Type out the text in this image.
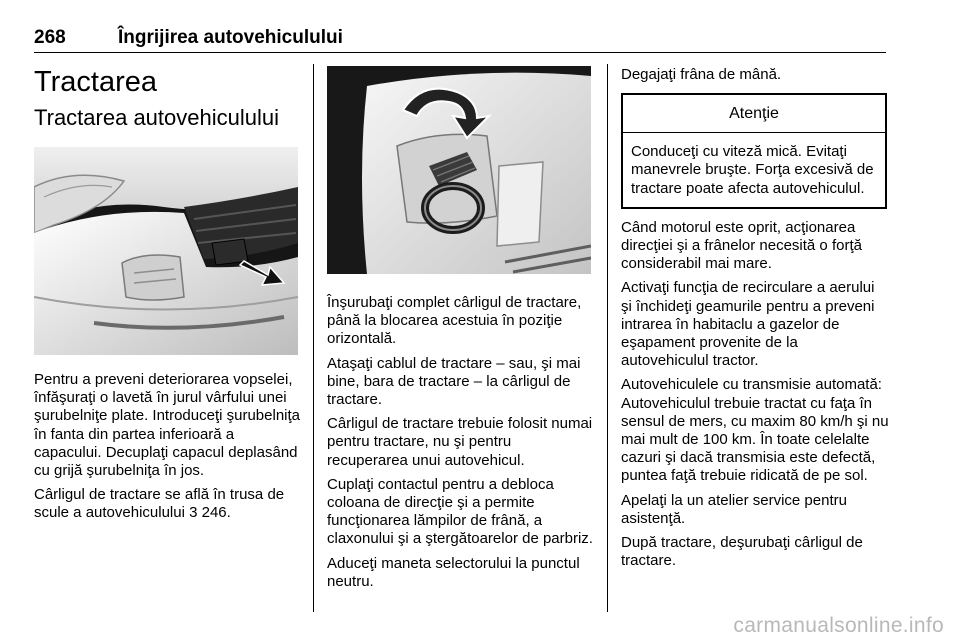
268	Îngrijirea autovehiculului
Tractarea
Tractarea autovehiculului

Pentru a preveni deteriorarea vopselei, înfăşuraţi o lavetă în jurul vârfului unei şurubelniţe plate. Introduceţi şurubelniţa în fanta din partea inferioară a capacului. Decuplaţi capacul deplasând cu grijă şurubelniţa în jos.

Cârligul de tractare se află în trusa de scule a autovehiculului 3 246.

Înşurubaţi complet cârligul de tractare, până la blocarea acestuia în poziţie orizontală.

Ataşaţi cablul de tractare – sau, şi mai bine, bara de tractare – la cârligul de tractare.

Cârligul de tractare trebuie folosit numai pentru tractare, nu şi pentru recuperarea unui autovehicul.

Cuplaţi contactul pentru a debloca coloana de direcţie şi a permite funcţionarea lămpilor de frână, a claxonului şi a ştergătoarelor de parbriz.

Aduceţi maneta selectorului la punctul neutru.

Degajaţi frâna de mână.

Atenţie
Conduceţi cu viteză mică. Evitaţi manevrele bruşte. Forţa excesivă de tractare poate afecta autovehiculul.

Când motorul este oprit, acţionarea direcţiei şi a frânelor necesită o forţă considerabil mai mare.

Activaţi funcţia de recirculare a aerului şi închideţi geamurile pentru a preveni intrarea în habitaclu a gazelor de eşapament provenite de la autovehiculul tractor.

Autovehiculele cu transmisie automată: Autovehiculul trebuie tractat cu faţa în sensul de mers, cu maxim 80 km/h şi nu mai mult de 100 km. În toate celelalte cazuri şi dacă transmisia este defectă, puntea faţă trebuie ridicată de pe sol.

Apelaţi la un atelier service pentru asistenţă.

După tractare, deşurubaţi cârligul de tractare.

carmanualsonline.info
